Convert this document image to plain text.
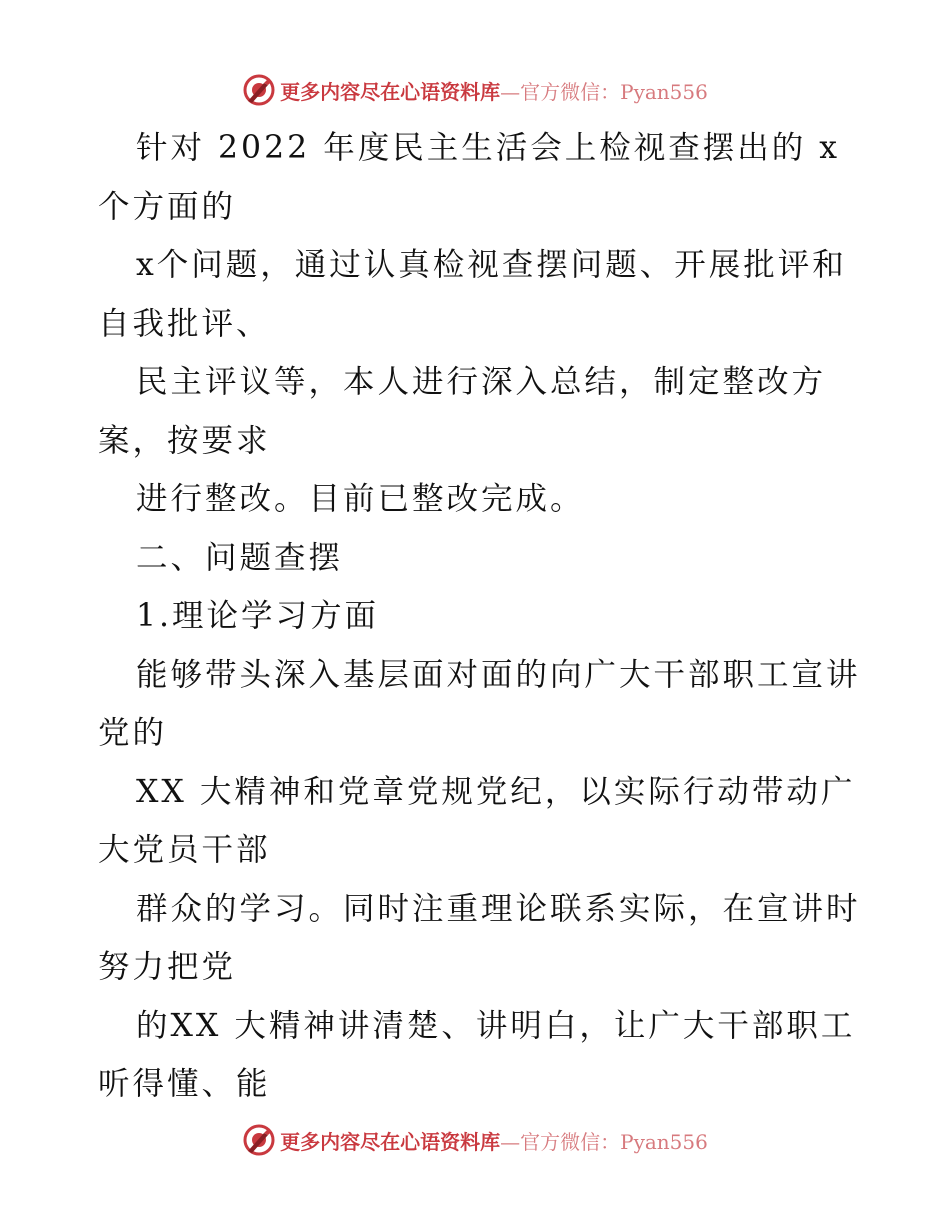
更多内容尽在心语资料库—官方微信：Pyan556
针对 2022 年度民主生活会上检视查摆出的 x
个方面的
x个问题，通过认真检视查摆问题、开展批评和
自我批评、
民主评议等，本人进行深入总结，制定整改方
案，按要求
进行整改。目前已整改完成。
二、问题查摆
1.理论学习方面
能够带头深入基层面对面的向广大干部职工宣讲
党的
XX 大精神和党章党规党纪，以实际行动带动广
大党员干部
群众的学习。同时注重理论联系实际，在宣讲时
努力把党
的XX 大精神讲清楚、讲明白，让广大干部职工
听得懂、能
更多内容尽在心语资料库—官方微信：Pyan556
